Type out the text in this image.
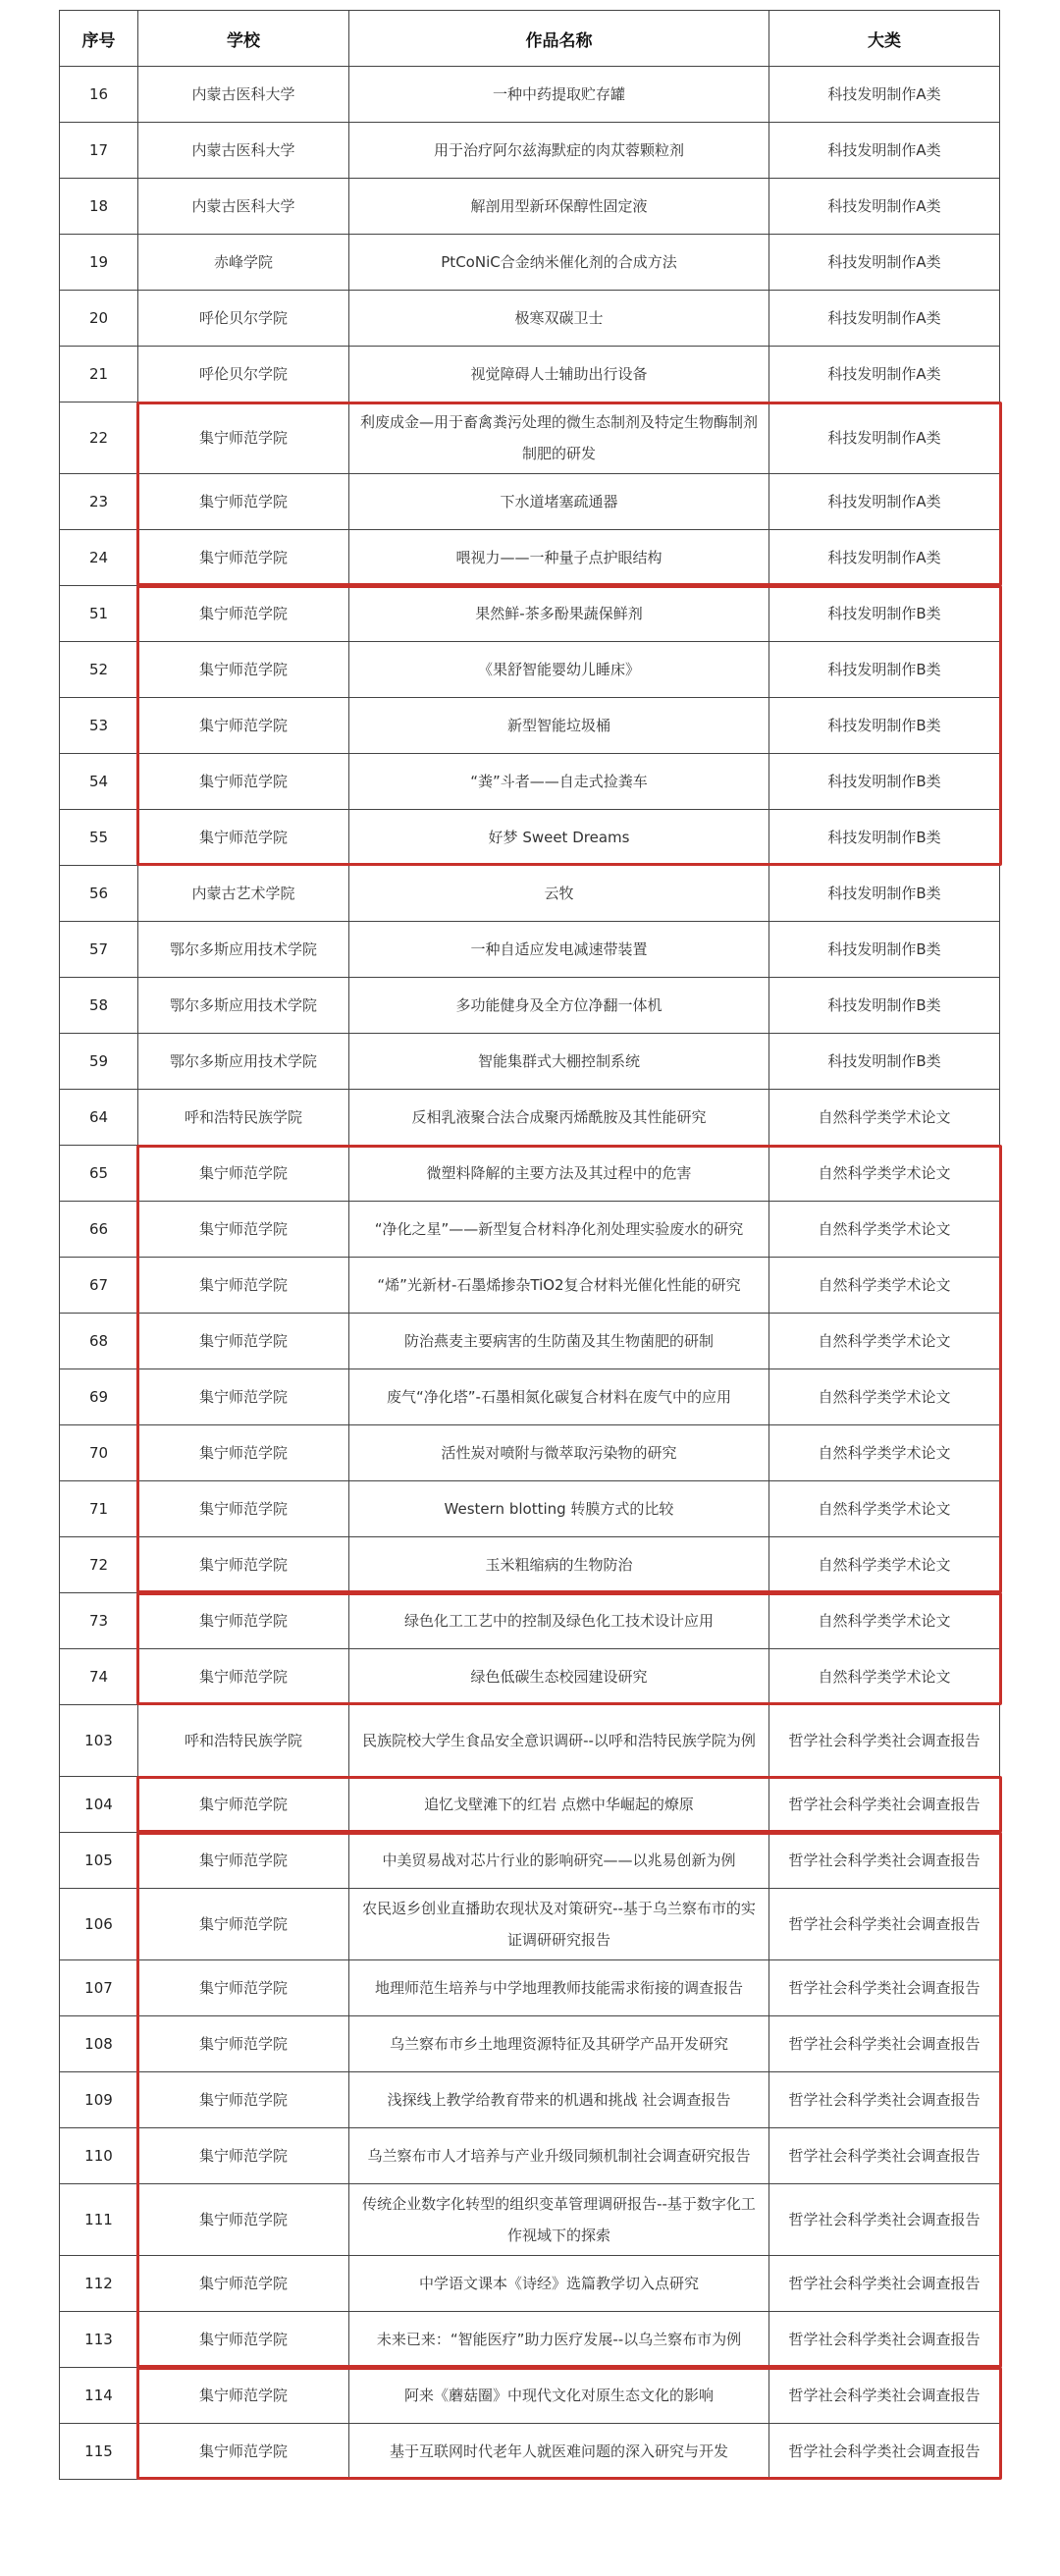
序号	学校	作品名称	大类
16	内蒙古医科大学	一种中药提取贮存罐	科技发明制作A类
17	内蒙古医科大学	用于治疗阿尔兹海默症的肉苁蓉颗粒剂	科技发明制作A类
18	内蒙古医科大学	解剖用型新环保醇性固定液	科技发明制作A类
19	赤峰学院	PtCoNiC合金纳米催化剂的合成方法	科技发明制作A类
20	呼伦贝尔学院	极寒双碳卫士	科技发明制作A类
21	呼伦贝尔学院	视觉障碍人士辅助出行设备	科技发明制作A类
22	集宁师范学院	利废成金—用于畜禽粪污处理的微生态制剂及特定生物酶制剂制肥的研发	科技发明制作A类
23	集宁师范学院	下水道堵塞疏通器	科技发明制作A类
24	集宁师范学院	喂视力——一种量子点护眼结构	科技发明制作A类
51	集宁师范学院	果然鲜-茶多酚果蔬保鲜剂	科技发明制作B类
52	集宁师范学院	《果舒智能婴幼儿睡床》	科技发明制作B类
53	集宁师范学院	新型智能垃圾桶	科技发明制作B类
54	集宁师范学院	“粪”斗者——自走式捡粪车	科技发明制作B类
55	集宁师范学院	好梦 Sweet Dreams	科技发明制作B类
56	内蒙古艺术学院	云牧	科技发明制作B类
57	鄂尔多斯应用技术学院	一种自适应发电减速带装置	科技发明制作B类
58	鄂尔多斯应用技术学院	多功能健身及全方位净翻一体机	科技发明制作B类
59	鄂尔多斯应用技术学院	智能集群式大棚控制系统	科技发明制作B类
64	呼和浩特民族学院	反相乳液聚合法合成聚丙烯酰胺及其性能研究	自然科学类学术论文
65	集宁师范学院	微塑料降解的主要方法及其过程中的危害	自然科学类学术论文
66	集宁师范学院	“净化之星”——新型复合材料净化剂处理实验废水的研究	自然科学类学术论文
67	集宁师范学院	“烯”光新材-石墨烯掺杂TiO2复合材料光催化性能的研究	自然科学类学术论文
68	集宁师范学院	防治燕麦主要病害的生防菌及其生物菌肥的研制	自然科学类学术论文
69	集宁师范学院	废气“净化塔”-石墨相氮化碳复合材料在废气中的应用	自然科学类学术论文
70	集宁师范学院	活性炭对喷附与微萃取污染物的研究	自然科学类学术论文
71	集宁师范学院	Western blotting 转膜方式的比较	自然科学类学术论文
72	集宁师范学院	玉米粗缩病的生物防治	自然科学类学术论文
73	集宁师范学院	绿色化工工艺中的控制及绿色化工技术设计应用	自然科学类学术论文
74	集宁师范学院	绿色低碳生态校园建设研究	自然科学类学术论文
103	呼和浩特民族学院	民族院校大学生食品安全意识调研--以呼和浩特民族学院为例	哲学社会科学类社会调查报告
104	集宁师范学院	追忆戈壁滩下的红岩 点燃中华崛起的燎原	哲学社会科学类社会调查报告
105	集宁师范学院	中美贸易战对芯片行业的影响研究——以兆易创新为例	哲学社会科学类社会调查报告
106	集宁师范学院	农民返乡创业直播助农现状及对策研究--基于乌兰察布市的实证调研研究报告	哲学社会科学类社会调查报告
107	集宁师范学院	地理师范生培养与中学地理教师技能需求衔接的调查报告	哲学社会科学类社会调查报告
108	集宁师范学院	乌兰察布市乡土地理资源特征及其研学产品开发研究	哲学社会科学类社会调查报告
109	集宁师范学院	浅探线上教学给教育带来的机遇和挑战 社会调查报告	哲学社会科学类社会调查报告
110	集宁师范学院	乌兰察布市人才培养与产业升级同频机制社会调查研究报告	哲学社会科学类社会调查报告
111	集宁师范学院	传统企业数字化转型的组织变革管理调研报告--基于数字化工作视域下的探索	哲学社会科学类社会调查报告
112	集宁师范学院	中学语文课本《诗经》选篇教学切入点研究	哲学社会科学类社会调查报告
113	集宁师范学院	未来已来：“智能医疗”助力医疗发展--以乌兰察布市为例	哲学社会科学类社会调查报告
114	集宁师范学院	阿来《蘑菇圈》中现代文化对原生态文化的影响	哲学社会科学类社会调查报告
115	集宁师范学院	基于互联网时代老年人就医难问题的深入研究与开发	哲学社会科学类社会调查报告
